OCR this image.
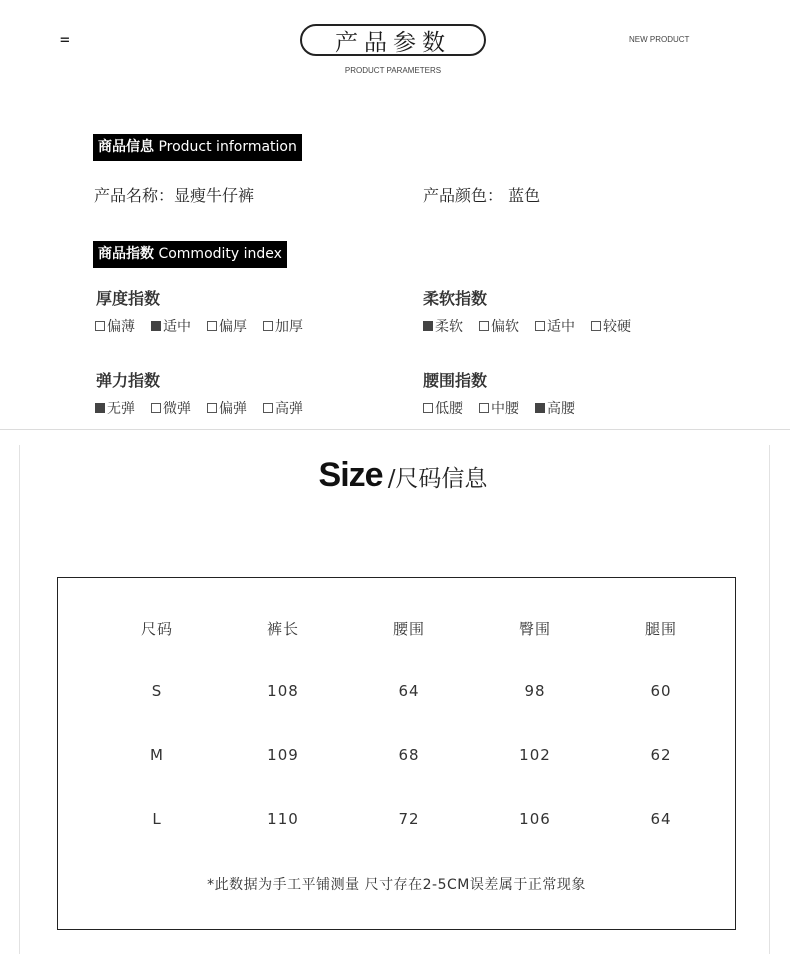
=	产品参数
PRODUCT PARAMETERS
NEW PRODUCT
商品信息 Product information
产品名称：显瘦牛仔裤	产品颜色： 蓝色
商品指数 Commodity index
厚度指数
偏薄 适中 偏厚 加厚
柔软指数
柔软 偏软 适中 较硬
弹力指数
无弹 微弹 偏弹 高弹
腰围指数
低腰 中腰 高腰
Size /尺码信息
尺码	裤长	腰围	臀围	腿围
S	108	64	98	60
M	109	68	102	62
L	110	72	106	64
*此数据为手工平铺测量 尺寸存在2-5CM误差属于正常现象
